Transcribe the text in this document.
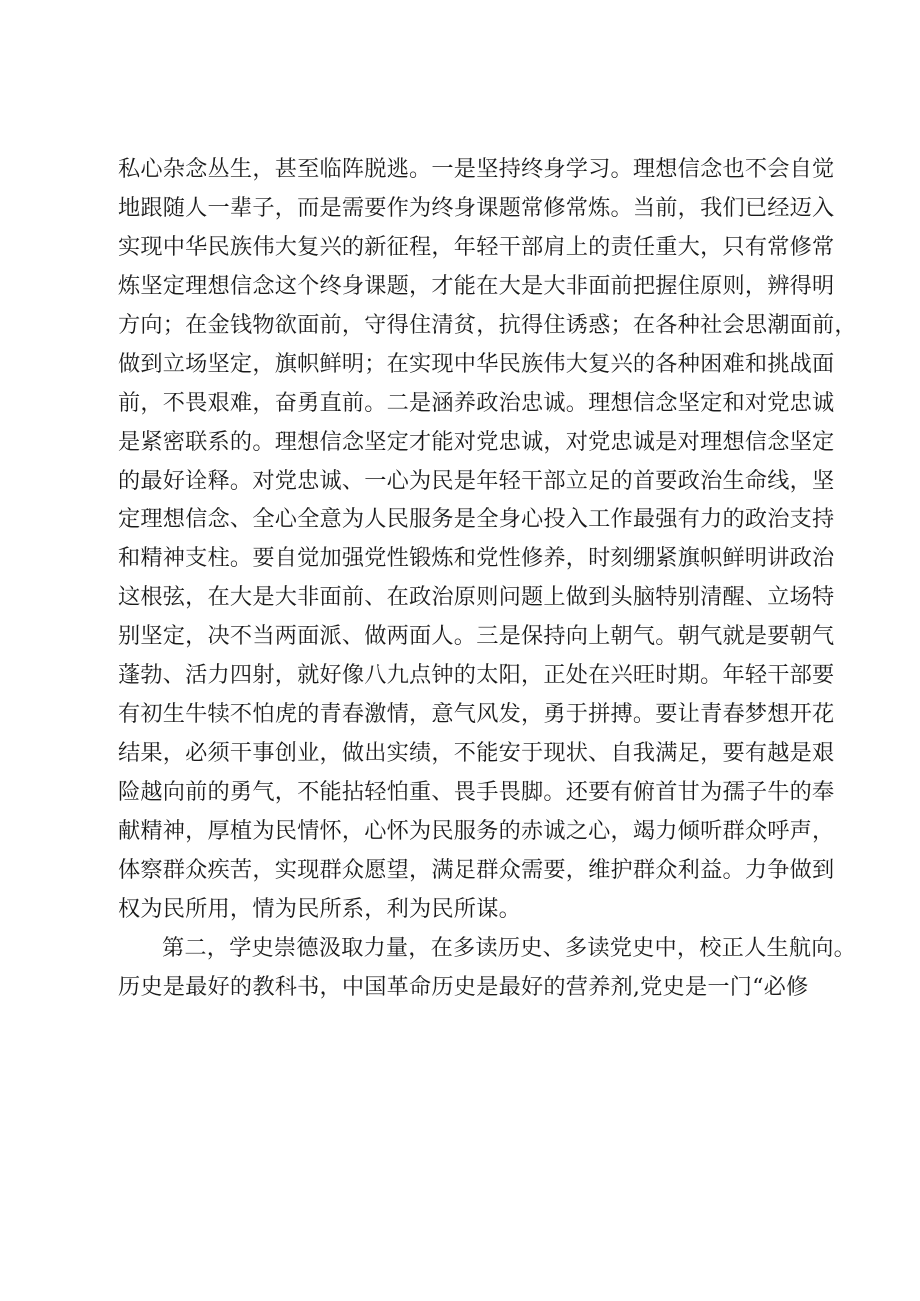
私心杂念丛生，甚至临阵脱逃。一是坚持终身学习。理想信念也不会自觉
地跟随人一辈子，而是需要作为终身课题常修常炼。当前，我们已经迈入
实现中华民族伟大复兴的新征程，年轻干部肩上的责任重大，只有常修常
炼坚定理想信念这个终身课题，才能在大是大非面前把握住原则，辨得明
方向；在金钱物欲面前，守得住清贫，抗得住诱惑；在各种社会思潮面前，
做到立场坚定，旗帜鲜明；在实现中华民族伟大复兴的各种困难和挑战面
前，不畏艰难，奋勇直前。二是涵养政治忠诚。理想信念坚定和对党忠诚
是紧密联系的。理想信念坚定才能对党忠诚，对党忠诚是对理想信念坚定
的最好诠释。对党忠诚、一心为民是年轻干部立足的首要政治生命线，坚
定理想信念、全心全意为人民服务是全身心投入工作最强有力的政治支持
和精神支柱。要自觉加强党性锻炼和党性修养，时刻绷紧旗帜鲜明讲政治
这根弦，在大是大非面前、在政治原则问题上做到头脑特别清醒、立场特
别坚定，决不当两面派、做两面人。三是保持向上朝气。朝气就是要朝气
蓬勃、活力四射，就好像八九点钟的太阳，正处在兴旺时期。年轻干部要
有初生牛犊不怕虎的青春激情，意气风发，勇于拼搏。要让青春梦想开花
结果，必须干事创业，做出实绩，不能安于现状、自我满足，要有越是艰
险越向前的勇气，不能拈轻怕重、畏手畏脚。还要有俯首甘为孺子牛的奉
献精神，厚植为民情怀，心怀为民服务的赤诚之心，竭力倾听群众呼声，
体察群众疾苦，实现群众愿望，满足群众需要，维护群众利益。力争做到
权为民所用，情为民所系，利为民所谋。
第二，学史崇德汲取力量，在多读历史、多读党史中，校正人生航向。
历史是最好的教科书，中国革命历史是最好的营养剂,党史是一门“必修
